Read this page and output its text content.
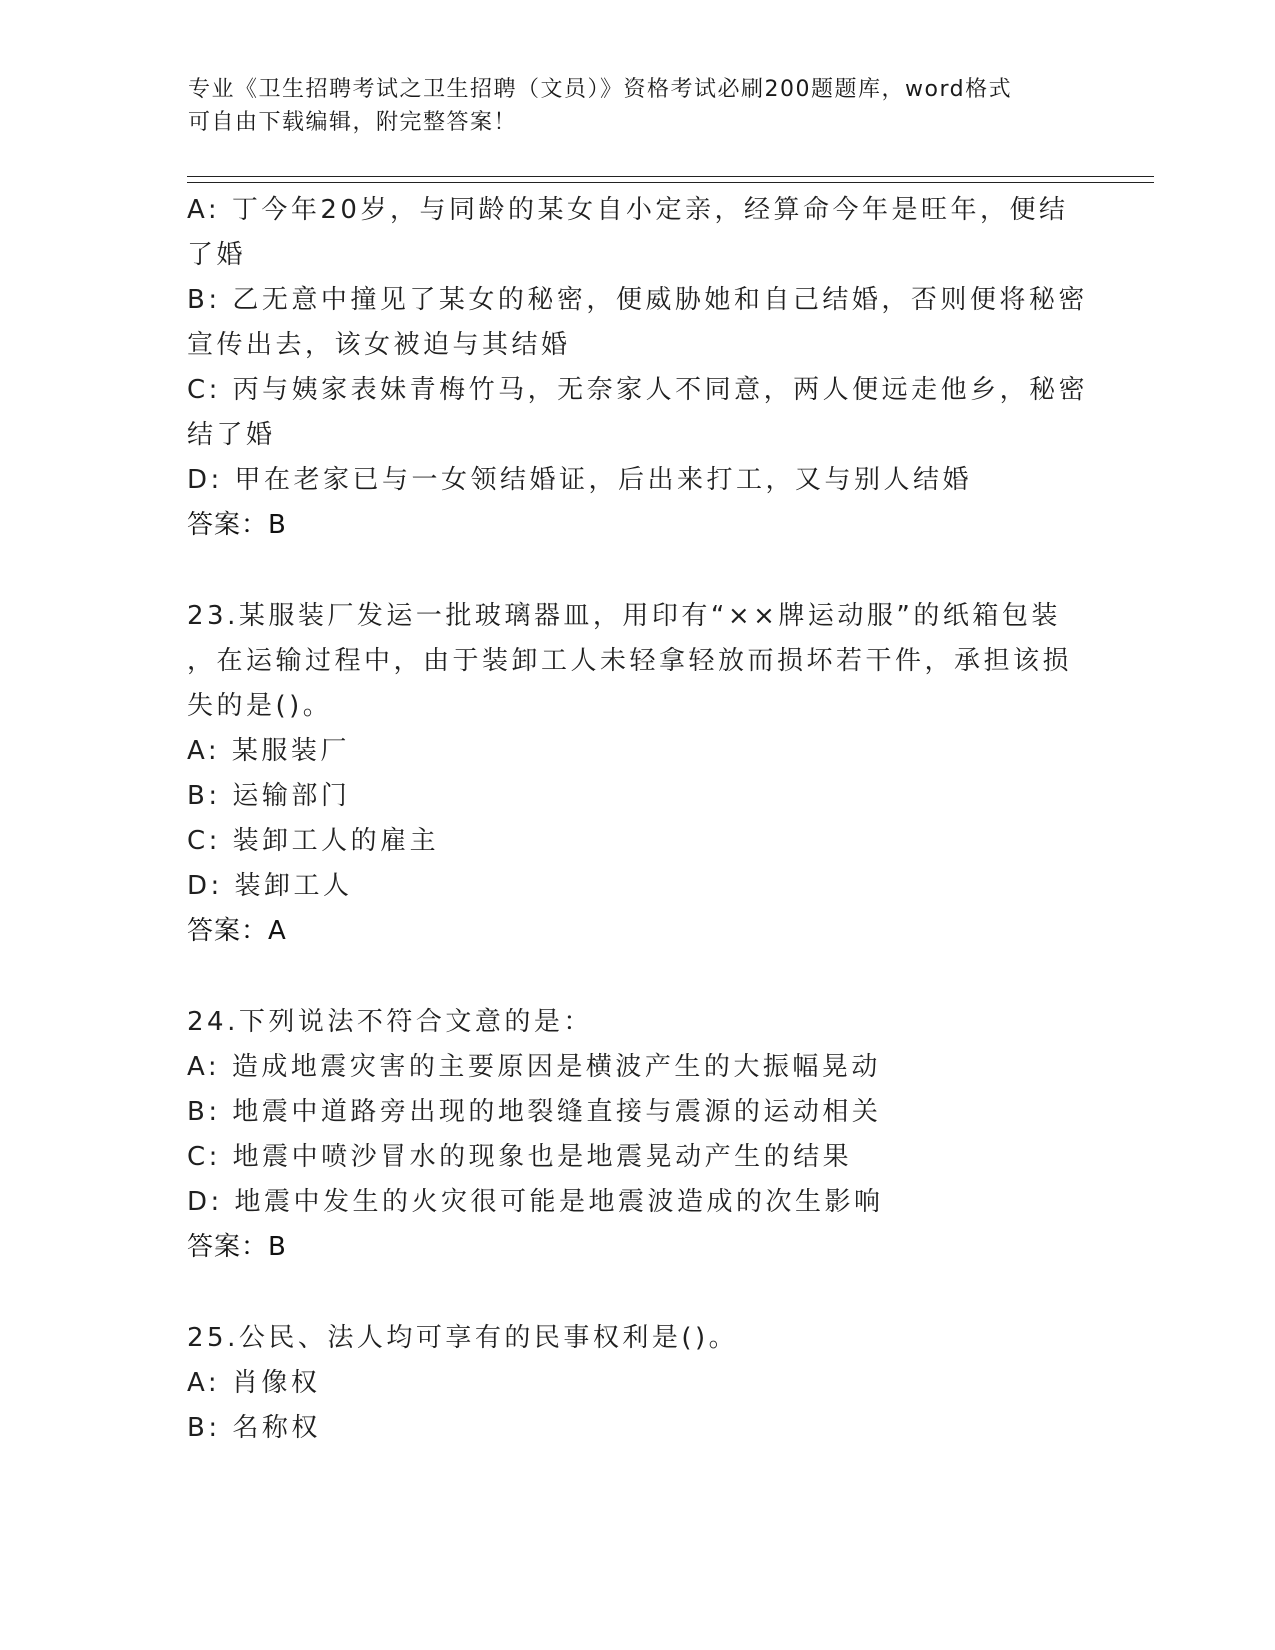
专业《卫生招聘考试之卫生招聘（文员）》资格考试必刷200题题库，word格式
可自由下载编辑，附完整答案！
A: 丁今年20岁，与同龄的某女自小定亲，经算命今年是旺年，便结
了婚
B: 乙无意中撞见了某女的秘密，便威胁她和自己结婚，否则便将秘密
宣传出去，该女被迫与其结婚
C: 丙与姨家表妹青梅竹马，无奈家人不同意，两人便远走他乡，秘密
结了婚
D: 甲在老家已与一女领结婚证，后出来打工，又与别人结婚
答案：B
23.某服装厂发运一批玻璃器皿，用印有“××牌运动服”的纸箱包装
，在运输过程中，由于装卸工人未轻拿轻放而损坏若干件，承担该损
失的是()。
A: 某服装厂
B: 运输部门
C: 装卸工人的雇主
D: 装卸工人
答案：A
24.下列说法不符合文意的是：
A: 造成地震灾害的主要原因是横波产生的大振幅晃动
B: 地震中道路旁出现的地裂缝直接与震源的运动相关
C: 地震中喷沙冒水的现象也是地震晃动产生的结果
D: 地震中发生的火灾很可能是地震波造成的次生影响
答案：B
25.公民、法人均可享有的民事权利是()。
A: 肖像权
B: 名称权
